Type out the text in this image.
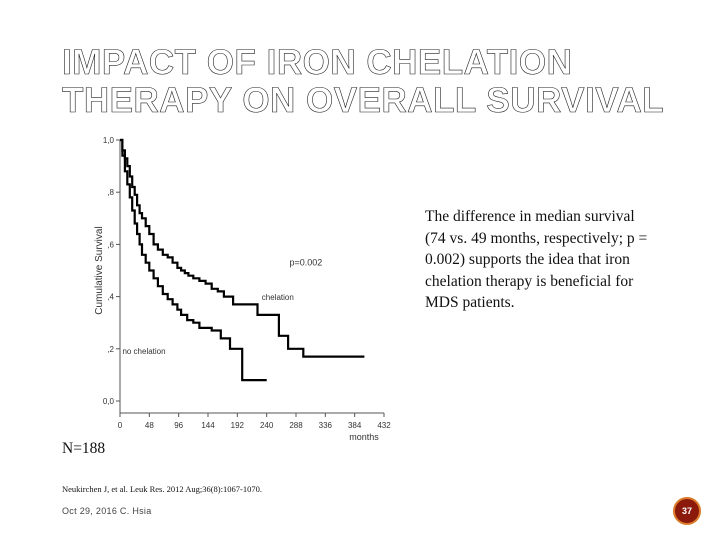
IMPACT OF IRON CHELATION
THERAPY ON OVERALL SURVIVAL
0,0
,2
,4
,6
,8
1,0
0	48	96 144 192 240 288 336 384 432
Cumulative Survival
months
chelation
no chelation
p=0.002
The difference in median survival (74 vs. 49 months, respectively; p = 0.002) supports the idea that iron chelation therapy is beneficial for MDS patients.
N=188
Neukirchen J, et al. Leuk Res. 2012 Aug;36(8):1067-1070.
Oct 29, 2016 C. Hsia	37
